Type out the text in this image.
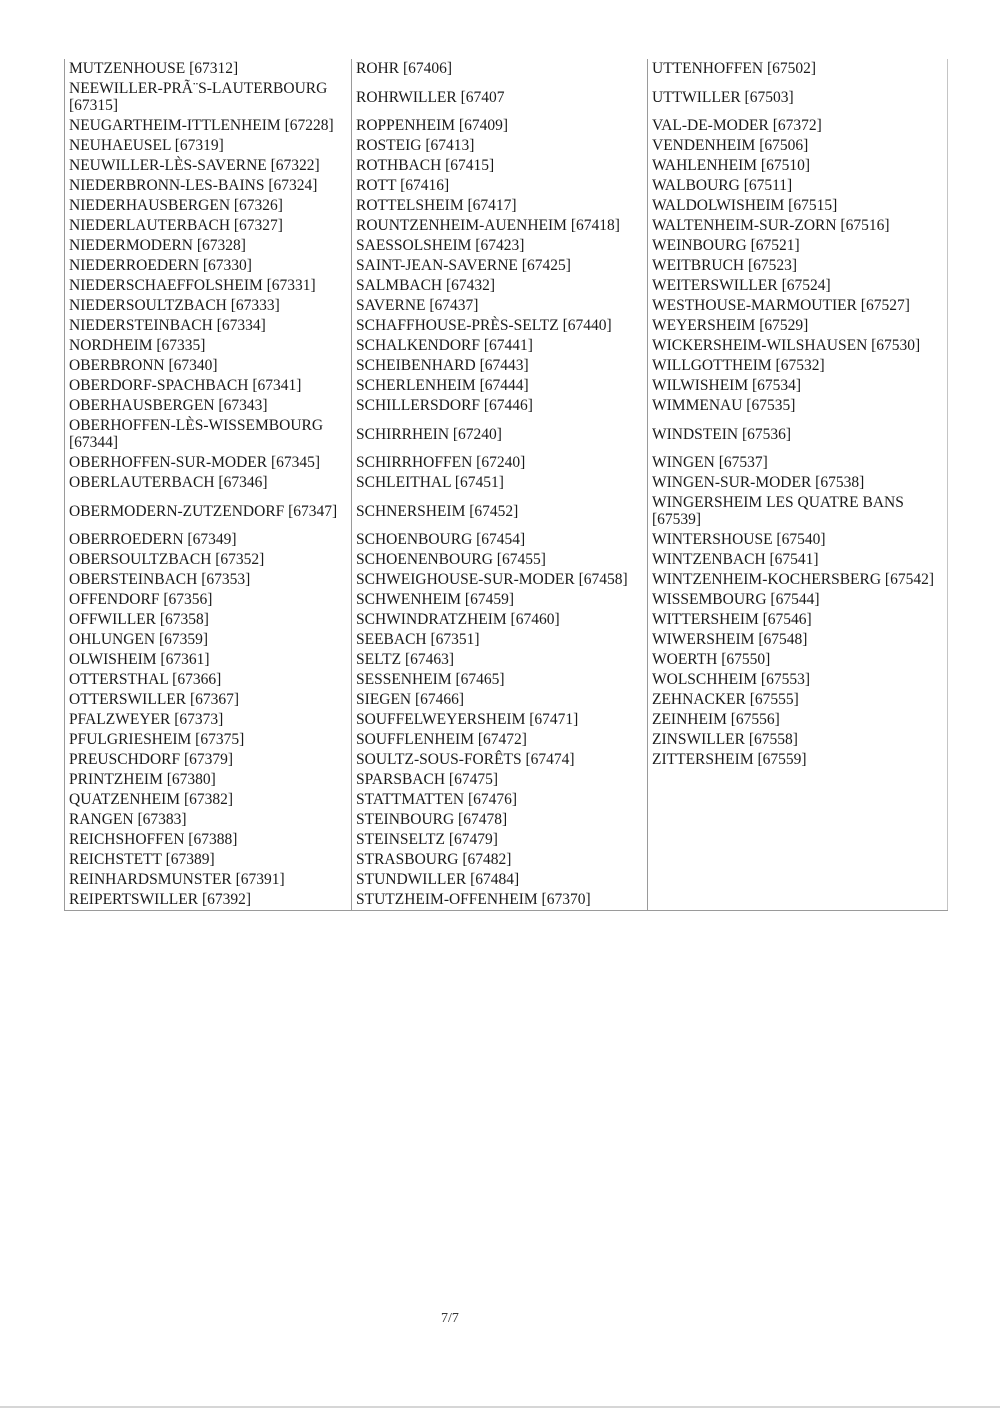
MUTZENHOUSE [67312]	ROHR [67406]	UTTENHOFFEN [67502]
NEEWILLER-PRÃ¨S-LAUTERBOURG [67315]	ROHRWILLER [67407	UTTWILLER [67503]
NEUGARTHEIM-ITTLENHEIM [67228]	ROPPENHEIM [67409]	VAL-DE-MODER [67372]
NEUHAEUSEL [67319]	ROSTEIG [67413]	VENDENHEIM [67506]
NEUWILLER-LÈS-SAVERNE [67322]	ROTHBACH [67415]	WAHLENHEIM [67510]
NIEDERBRONN-LES-BAINS [67324]	ROTT [67416]	WALBOURG [67511]
NIEDERHAUSBERGEN [67326]	ROTTELSHEIM [67417]	WALDOLWISHEIM [67515]
NIEDERLAUTERBACH [67327]	ROUNTZENHEIM-AUENHEIM [67418]	WALTENHEIM-SUR-ZORN [67516]
NIEDERMODERN [67328]	SAESSOLSHEIM [67423]	WEINBOURG [67521]
NIEDERROEDERN [67330]	SAINT-JEAN-SAVERNE [67425]	WEITBRUCH [67523]
NIEDERSCHAEFFOLSHEIM [67331]	SALMBACH [67432]	WEITERSWILLER [67524]
NIEDERSOULTZBACH [67333]	SAVERNE [67437]	WESTHOUSE-MARMOUTIER [67527]
NIEDERSTEINBACH [67334]	SCHAFFHOUSE-PRÈS-SELTZ [67440]	WEYERSHEIM [67529]
NORDHEIM [67335]	SCHALKENDORF [67441]	WICKERSHEIM-WILSHAUSEN [67530]
OBERBRONN [67340]	SCHEIBENHARD [67443]	WILLGOTTHEIM [67532]
OBERDORF-SPACHBACH [67341]	SCHERLENHEIM [67444]	WILWISHEIM [67534]
OBERHAUSBERGEN [67343]	SCHILLERSDORF [67446]	WIMMENAU [67535]
OBERHOFFEN-LÈS-WISSEMBOURG [67344]	SCHIRRHEIN [67240]	WINDSTEIN [67536]
OBERHOFFEN-SUR-MODER [67345]	SCHIRRHOFFEN [67240]	WINGEN [67537]
OBERLAUTERBACH [67346]	SCHLEITHAL [67451]	WINGEN-SUR-MODER [67538]
OBERMODERN-ZUTZENDORF [67347]	SCHNERSHEIM [67452]	WINGERSHEIM LES QUATRE BANS [67539]
OBERROEDERN [67349]	SCHOENBOURG [67454]	WINTERSHOUSE [67540]
OBERSOULTZBACH [67352]	SCHOENENBOURG [67455]	WINTZENBACH [67541]
OBERSTEINBACH [67353]	SCHWEIGHOUSE-SUR-MODER [67458]	WINTZENHEIM-KOCHERSBERG [67542]
OFFENDORF [67356]	SCHWENHEIM [67459]	WISSEMBOURG [67544]
OFFWILLER [67358]	SCHWINDRATZHEIM [67460]	WITTERSHEIM [67546]
OHLUNGEN [67359]	SEEBACH [67351]	WIWERSHEIM [67548]
OLWISHEIM [67361]	SELTZ [67463]	WOERTH [67550]
OTTERSTHAL [67366]	SESSENHEIM [67465]	WOLSCHHEIM [67553]
OTTERSWILLER [67367]	SIEGEN [67466]	ZEHNACKER [67555]
PFALZWEYER [67373]	SOUFFELWEYERSHEIM [67471]	ZEINHEIM [67556]
PFULGRIESHEIM [67375]	SOUFFLENHEIM [67472]	ZINSWILLER [67558]
PREUSCHDORF [67379]	SOULTZ-SOUS-FORÊTS [67474]	ZITTERSHEIM [67559]
PRINTZHEIM [67380]	SPARSBACH [67475]	
QUATZENHEIM [67382]	STATTMATTEN [67476]	
RANGEN [67383]	STEINBOURG [67478]	
REICHSHOFFEN [67388]	STEINSELTZ [67479]	
REICHSTETT [67389]	STRASBOURG [67482]	
REINHARDSMUNSTER [67391]	STUNDWILLER [67484]	
REIPERTSWILLER [67392]	STUTZHEIM-OFFENHEIM [67370]	
7/7
